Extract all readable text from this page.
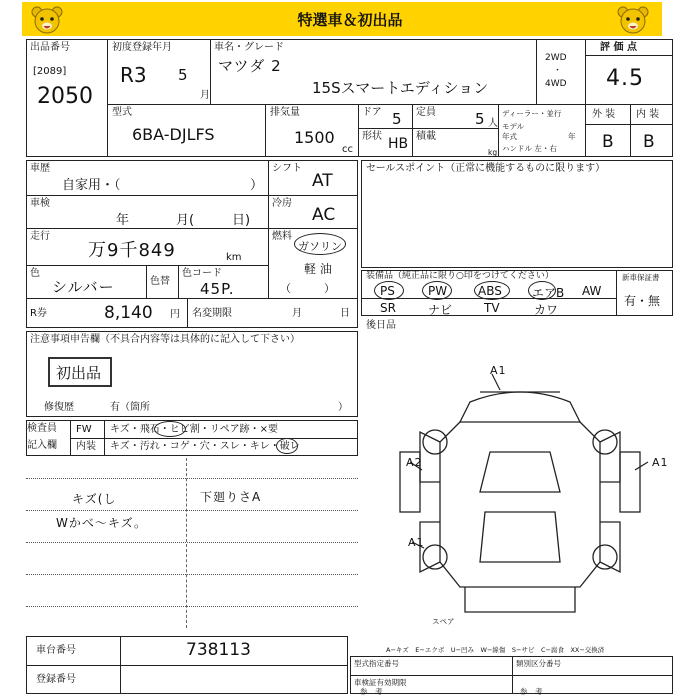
特選車＆初出品
出品番号
[2089]
2050
初度登録年月
R3 5
月
車名・グレード
マツダ 2
15Sスマートエディション
2WD
・
4WD
評 価 点
4.5
型式
6BA-DJLFS
排気量
1500
cc
ドア 5 定員	5 人
形状 HB 積載
kg
ディーラー・並行
モデル
年式	年
ハンドル 左・右
外 装 内 装
B B
車歴
自家用・（	）
シフト
AT
車検
年	月(	日)
冷房
AC
走行
万9千849	km
燃料
ガソリン
軽 油
（　　　）
色
シルバー	色替
色コード
45P.
R券	8,140 円 名変期限	月	日
セールスポイント（正常に機能するものに限ります）
装備品（純正品に限り○印をつけてください）	新車保証書
有・無
PS	PW	ABS	エアB AW
SR	ナビ	TV	カワ
後日品
注意事項申告欄（不具合内容等は具体的に記入して下さい）
初出品
修復歴	有（箇所	）
検査員
記入欄
FW キズ・飛石・ヒビ割・リペア跡・×要
内装 キズ・汚れ・コゲ・穴・スレ・キレ・破レ
キズ(し
Wかべ〜キズ。
下廻りさA
A1
A2	A1
A1
スペア
車台番号	738113
登録番号
A−キズ　E−エクボ　U−凹み　W−線傷　S−サビ　C−腐食　XX−交換済
型式指定番号	類別区分番号
車検証有効期限
参　考	参　考
